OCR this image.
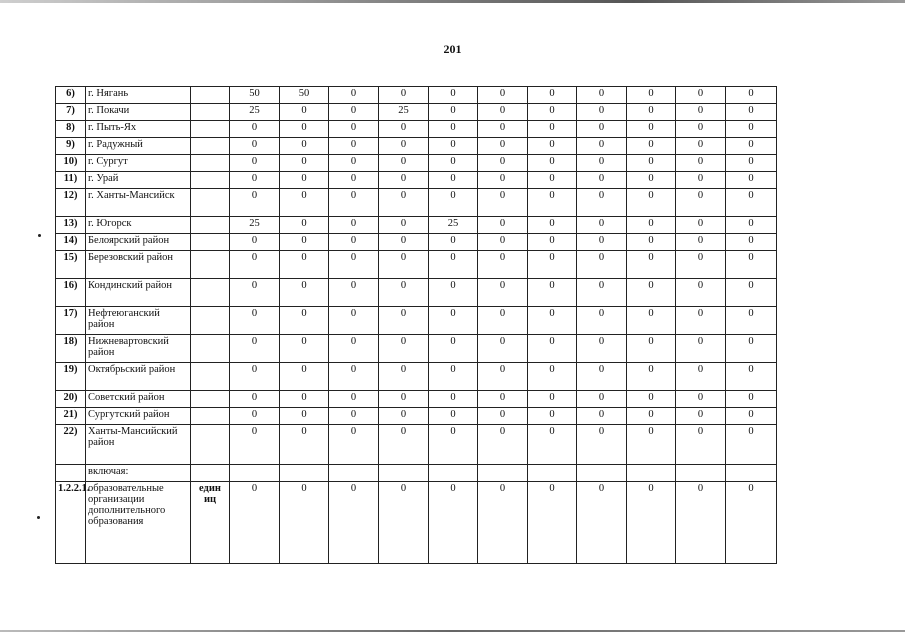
201
6)	г. Нягань		50	50	0	0	0	0	0	0	0	0	0
7)	г. Покачи		25	0	0	25	0	0	0	0	0	0	0
8)	г. Пыть-Ях		0	0	0	0	0	0	0	0	0	0	0
9)	г. Радужный		0	0	0	0	0	0	0	0	0	0	0
10)	г. Сургут		0	0	0	0	0	0	0	0	0	0	0
11)	г. Урай		0	0	0	0	0	0	0	0	0	0	0
12)	г. Ханты-Мансийск		0	0	0	0	0	0	0	0	0	0	0
13)	г. Югорск		25	0	0	0	25	0	0	0	0	0	0
14)	Белоярский район		0	0	0	0	0	0	0	0	0	0	0
15)	Березовский район		0	0	0	0	0	0	0	0	0	0	0
16)	Кондинский район		0	0	0	0	0	0	0	0	0	0	0
17)	Нефтеюганский район		0	0	0	0	0	0	0	0	0	0	0
18)	Нижневартовский район		0	0	0	0	0	0	0	0	0	0	0
19)	Октябрьский район		0	0	0	0	0	0	0	0	0	0	0
20)	Советский район		0	0	0	0	0	0	0	0	0	0	0
21)	Сургутский район		0	0	0	0	0	0	0	0	0	0	0
22)	Ханты-Мансийский район		0	0	0	0	0	0	0	0	0	0	0
	включая:												
1.2.2.1.	образовательные организации дополнительного образования	един иц	0	0	0	0	0	0	0	0	0	0	0
